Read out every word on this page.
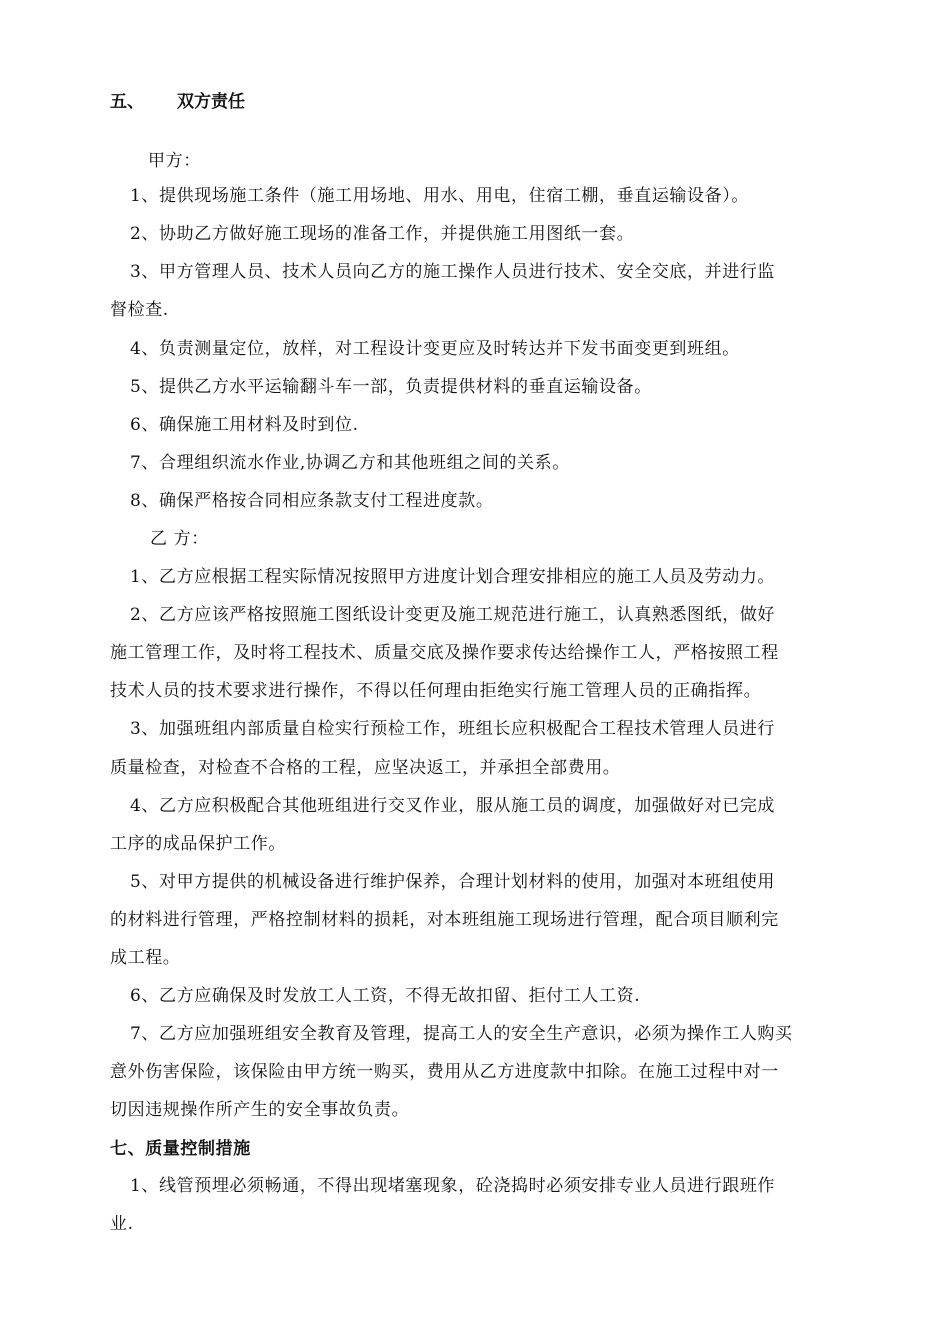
五、 双方责任
甲方：
1、提供现场施工条件（施工用场地、用水、用电，住宿工棚，垂直运输设备）。
2、协助乙方做好施工现场的准备工作，并提供施工用图纸一套。
3、甲方管理人员、技术人员向乙方的施工操作人员进行技术、安全交底，并进行监
督检查.
4、负责测量定位，放样，对工程设计变更应及时转达并下发书面变更到班组。
5、提供乙方水平运输翻斗车一部，负责提供材料的垂直运输设备。
6、确保施工用材料及时到位.
7、合理组织流水作业,协调乙方和其他班组之间的关系。
8、确保严格按合同相应条款支付工程进度款。
乙 方：
1、乙方应根据工程实际情况按照甲方进度计划合理安排相应的施工人员及劳动力。
2、乙方应该严格按照施工图纸设计变更及施工规范进行施工，认真熟悉图纸，做好
施工管理工作，及时将工程技术、质量交底及操作要求传达给操作工人，严格按照工程
技术人员的技术要求进行操作，不得以任何理由拒绝实行施工管理人员的正确指挥。
3、加强班组内部质量自检实行预检工作，班组长应积极配合工程技术管理人员进行
质量检查，对检查不合格的工程，应坚决返工，并承担全部费用。
4、乙方应积极配合其他班组进行交叉作业，服从施工员的调度，加强做好对已完成
工序的成品保护工作。
5、对甲方提供的机械设备进行维护保养，合理计划材料的使用，加强对本班组使用
的材料进行管理，严格控制材料的损耗，对本班组施工现场进行管理，配合项目顺利完
成工程。
6、乙方应确保及时发放工人工资，不得无故扣留、拒付工人工资.
7、乙方应加强班组安全教育及管理，提高工人的安全生产意识，必须为操作工人购买
意外伤害保险，该保险由甲方统一购买，费用从乙方进度款中扣除。在施工过程中对一
切因违规操作所产生的安全事故负责。
七、质量控制措施
1、线管预埋必须畅通，不得出现堵塞现象，砼浇捣时必须安排专业人员进行跟班作
业.
